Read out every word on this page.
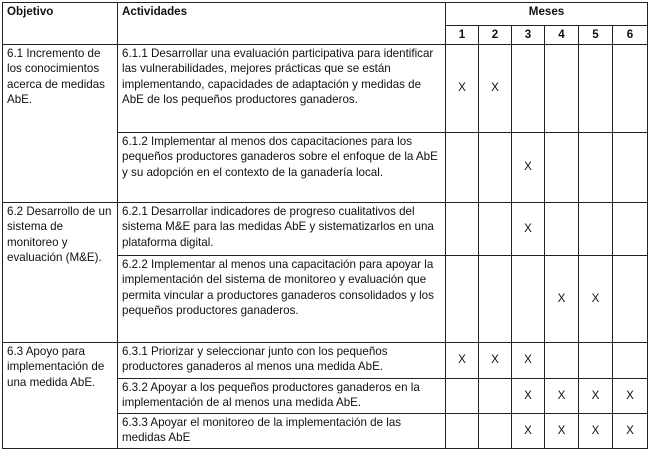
Objetivo	Actividades	Meses					
		1	2	3	4	5	6
6.1 Incremento de los conocimientos acerca de medidas AbE.	6.1.1 Desarrollar una evaluación participativa para identificar las vulnerabilidades, mejores prácticas que se están implementando, capacidades de adaptación y medidas de AbE de los pequeños productores ganaderos.	X	X				
	6.1.2 Implementar al menos dos capacitaciones para los pequeños productores ganaderos sobre el enfoque de la AbE y su adopción en el contexto de la ganadería local.			X			
6.2 Desarrollo de un sistema de monitoreo y evaluación (M&E).	6.2.1 Desarrollar indicadores de progreso cualitativos del sistema M&E para las medidas AbE y sistematizarlos en una plataforma digital.			X			
	6.2.2 Implementar al menos una capacitación para apoyar la implementación del sistema de monitoreo y evaluación que permita vincular a productores ganaderos consolidados y los pequeños productores ganaderos.				X	X	
6.3 Apoyo para implementación de una medida AbE.	6.3.1 Priorizar y seleccionar junto con los pequeños productores ganaderos al menos una medida AbE.	X	X	X			
	6.3.2 Apoyar a los pequeños productores ganaderos en la implementación de al menos una medida AbE.			X	X	X	X
	6.3.3 Apoyar el monitoreo de la implementación de las medidas AbE			X	X	X	X
